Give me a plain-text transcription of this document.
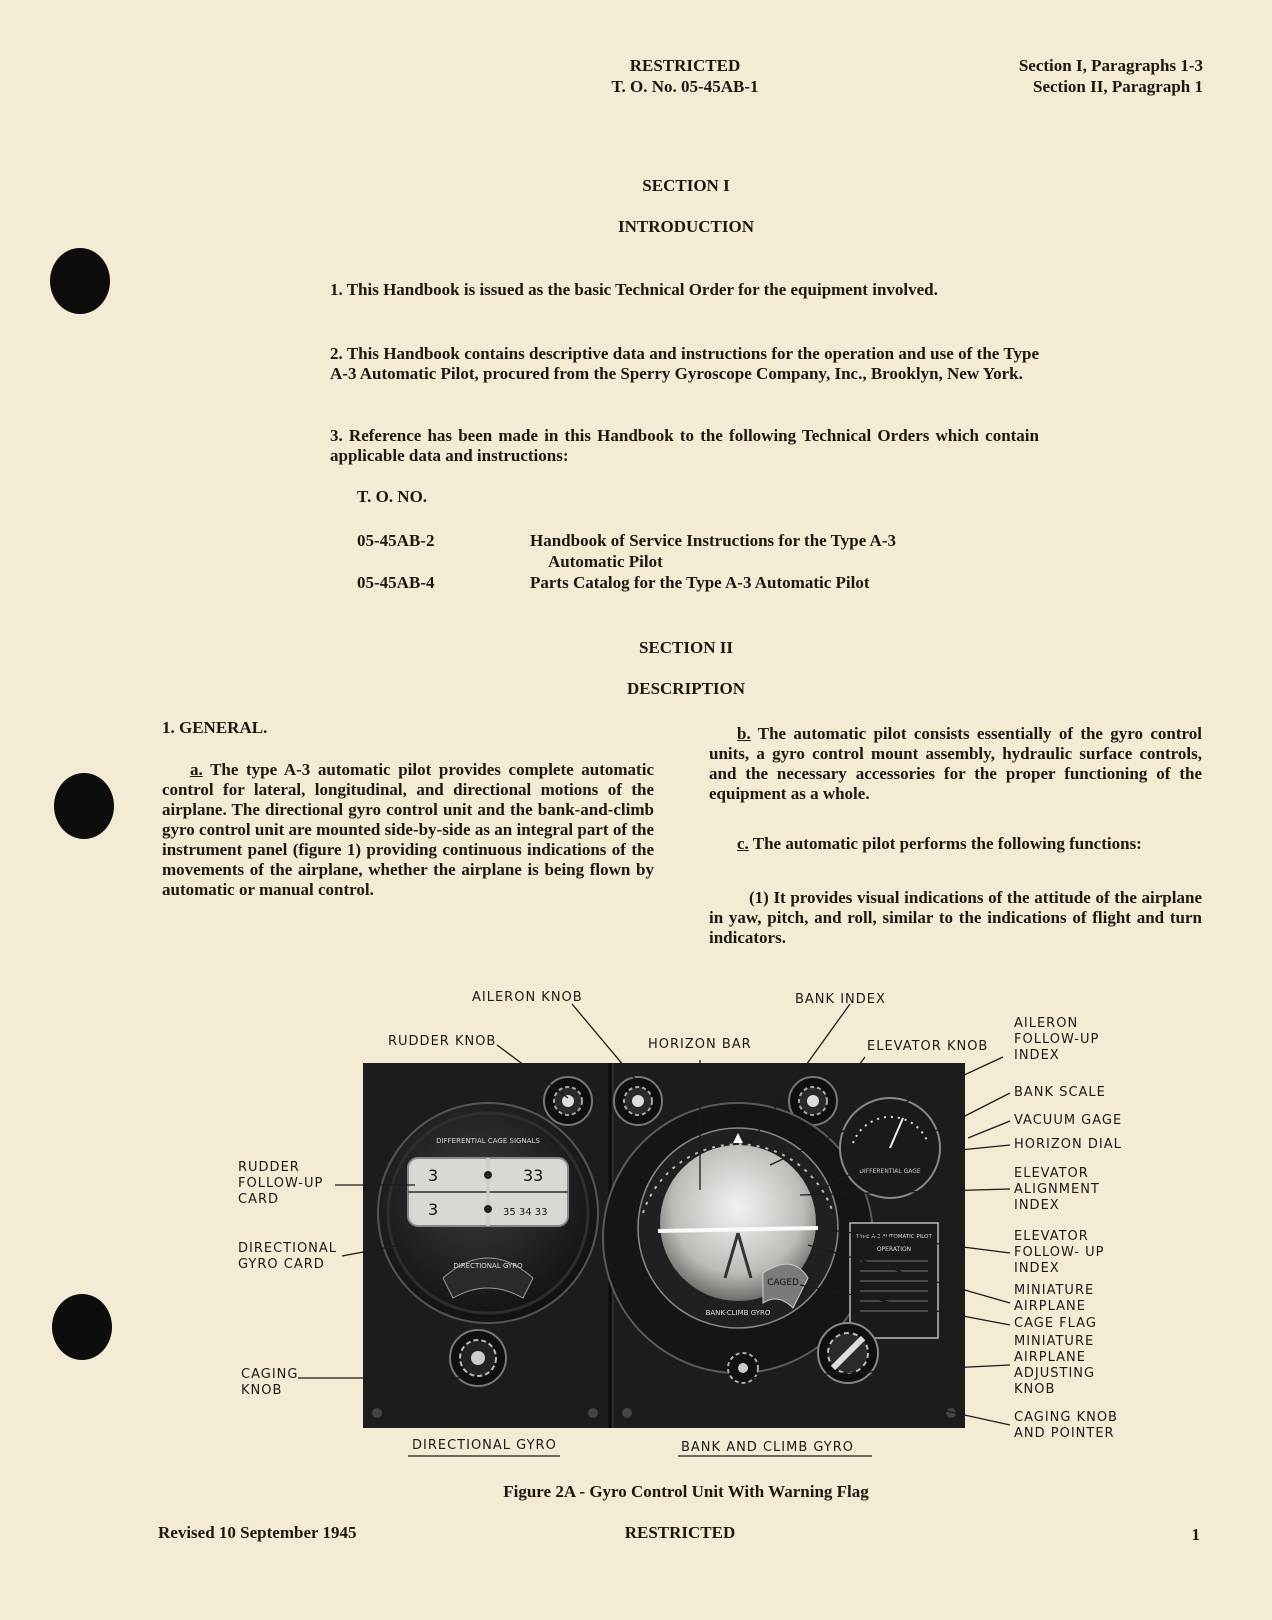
RESTRICTED
T. O. No. 05-45AB-1
Section I, Paragraphs 1-3
Section II, Paragraph 1
SECTION I
INTRODUCTION

1. This Handbook is issued as the basic Technical Order for the equipment involved.

2. This Handbook contains descriptive data and instructions for the operation and use of the Type A-3 Automatic Pilot, procured from the Sperry Gyroscope Company, Inc., Brooklyn, New York.

3. Reference has been made in this Handbook to the following Technical Orders which contain applicable data and instructions:

T. O. NO.
05-45AB-2	Handbook of Service Instructions for the Type A-3
Automatic Pilot
05-45AB-4	Parts Catalog for the Type A-3 Automatic Pilot
SECTION II
DESCRIPTION
1. GENERAL.

a. The type A-3 automatic pilot provides complete automatic control for lateral, longitudinal, and directional motions of the airplane. The directional gyro control unit and the bank-and-climb gyro control unit are mounted side-by-side as an integral part of the instrument panel (figure 1) providing continuous indications of the movements of the airplane, whether the airplane is being flown by automatic or manual control.

b. The automatic pilot consists essentially of the gyro control units, a gyro control mount assembly, hydraulic surface controls, and the necessary accessories for the proper functioning of the equipment as a whole.

c. The automatic pilot performs the following functions:

(1) It provides visual indications of the attitude of the airplane in yaw, pitch, and roll, similar to the indications of flight and turn indicators.

DIFFERENTIAL CAGE SIGNALS
3	33
3	35 34 33
DIRECTIONAL GYRO
CAGED
BANK-CLIMB GYRO
DIFFERENTIAL GAGE
TYPE A-3 AUTOMATIC PILOT
OPERATION
AILERON KNOB	BANK INDEX
RUDDER KNOB	HORIZON BAR	ELEVATOR KNOB
AILERON
FOLLOW-UP
INDEX
BANK SCALE
VACUUM GAGE
HORIZON DIAL
ELEVATOR
ALIGNMENT
INDEX
RUDDER
FOLLOW-UP
CARD
DIRECTIONAL
GYRO CARD
ELEVATOR
FOLLOW- UP
INDEX
MINIATURE
AIRPLANE
CAGE FLAG
MINIATURE
AIRPLANE
ADJUSTING
KNOB
CAGING
KNOB
CAGING KNOB
AND POINTER
DIRECTIONAL GYRO	BANK AND CLIMB GYRO
Figure 2A - Gyro Control Unit With Warning Flag
Revised 10 September 1945	RESTRICTED	1
